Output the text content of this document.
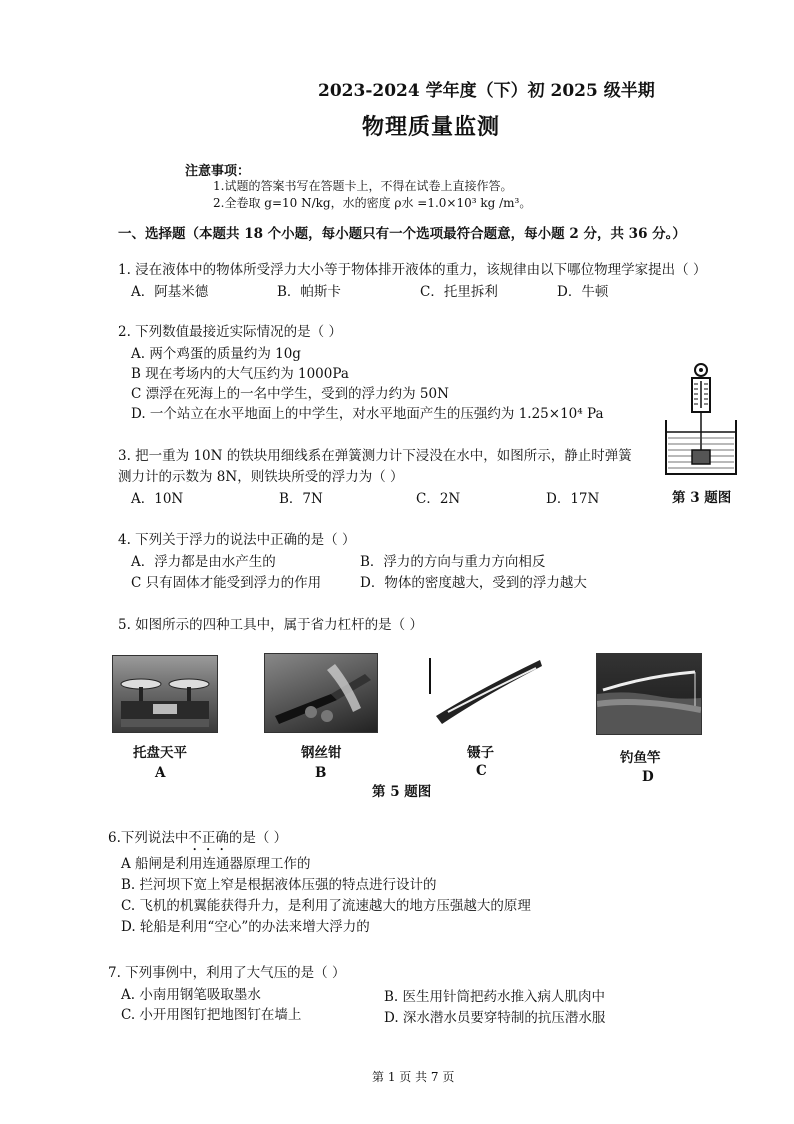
2023-2024 学年度（下）初 2025 级半期
物理质量监测
注意事项：
1.试题的答案书写在答题卡上，不得在试卷上直接作答。
2.全卷取 g=10 N/kg，水的密度 ρ水 =1.0×10³ kg /m³。
一、选择题（本题共 18 个小题，每小题只有一个选项最符合题意，每小题 2 分，共 36 分。）
1. 浸在液体中的物体所受浮力大小等于物体排开液体的重力，该规律由以下哪位物理学家提出（ ）
A．阿基米德	B．帕斯卡	C．托里拆利	D．牛顿
2. 下列数值最接近实际情况的是（ ）
A. 两个鸡蛋的质量约为 10g
B 现在考场内的大气压约为 1000Pa
C 漂浮在死海上的一名中学生，受到的浮力约为 50N
D. 一个站立在水平地面上的中学生，对水平地面产生的压强约为 1.25×10⁴ Pa
第 3 题图
3. 把一重为 10N 的铁块用细线系在弹簧测力计下浸没在水中，如图所示，静止时弹簧
测力计的示数为 8N，则铁块所受的浮力为（ ）
A．10N	B．7N	C．2N	D．17N
4. 下列关于浮力的说法中正确的是（ ）
A．浮力都是由水产生的	B．浮力的方向与重力方向相反
C 只有固体才能受到浮力的作用	D．物体的密度越大，受到的浮力越大
5. 如图所示的四种工具中，属于省力杠杆的是（ ）
托盘天平
A
钢丝钳
B
镊子
C
钓鱼竿
D
第 5 题图
6.下列说法中不正确的是（ ）
A 船闸是利用连通器原理工作的
B. 拦河坝下宽上窄是根据液体压强的特点进行设计的
C. 飞机的机翼能获得升力，是利用了流速越大的地方压强越大的原理
D. 轮船是利用“空心”的办法来增大浮力的
7. 下列事例中，利用了大气压的是（ ）
A. 小南用钢笔吸取墨水	B. 医生用针筒把药水推入病人肌肉中
C. 小开用图钉把地图钉在墙上	D. 深水潜水员要穿特制的抗压潜水服
第 1 页 共 7 页
